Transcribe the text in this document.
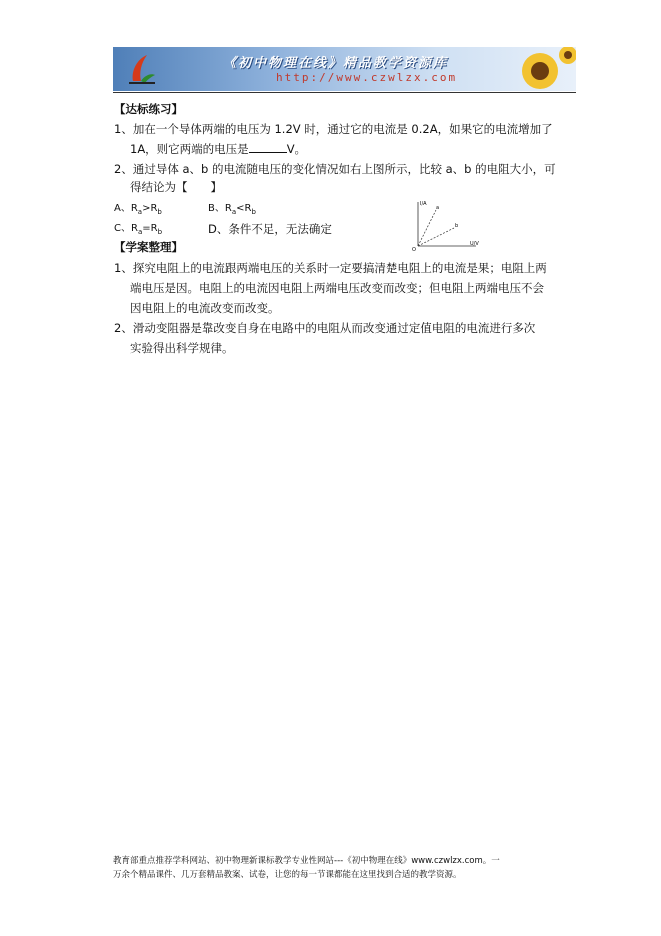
《初中物理在线》精品教学资源库
http://www.czwlzx.com
【达标练习】
1、加在一个导体两端的电压为 1.2V 时，通过它的电流是 0.2A，如果它的电流增加了
1A，则它两端的电压是	V。
2、通过导体 a、b 的电流随电压的变化情况如右上图所示，比较 a、b 的电阻大小，可
得结论为【　　】
A、$R_a>R_b$	B、$R_a<R_b$
C、$R_a=R_b$	D、条件不足，无法确定
I/A
U/V
O
a
b
【学案整理】
1、探究电阻上的电流跟两端电压的关系时一定要搞清楚电阻上的电流是果；电阻上两
端电压是因。电阻上的电流因电阻上两端电压改变而改变；但电阻上两端电压不会
因电阻上的电流改变而改变。
2、滑动变阻器是靠改变自身在电路中的电阻从而改变通过定值电阻的电流进行多次
实验得出科学规律。
教育部重点推荐学科网站、初中物理新课标教学专业性网站---《初中物理在线》www.czwlzx.com。一
万余个精品课件、几万套精品教案、试卷，让您的每一节课都能在这里找到合适的教学资源。
